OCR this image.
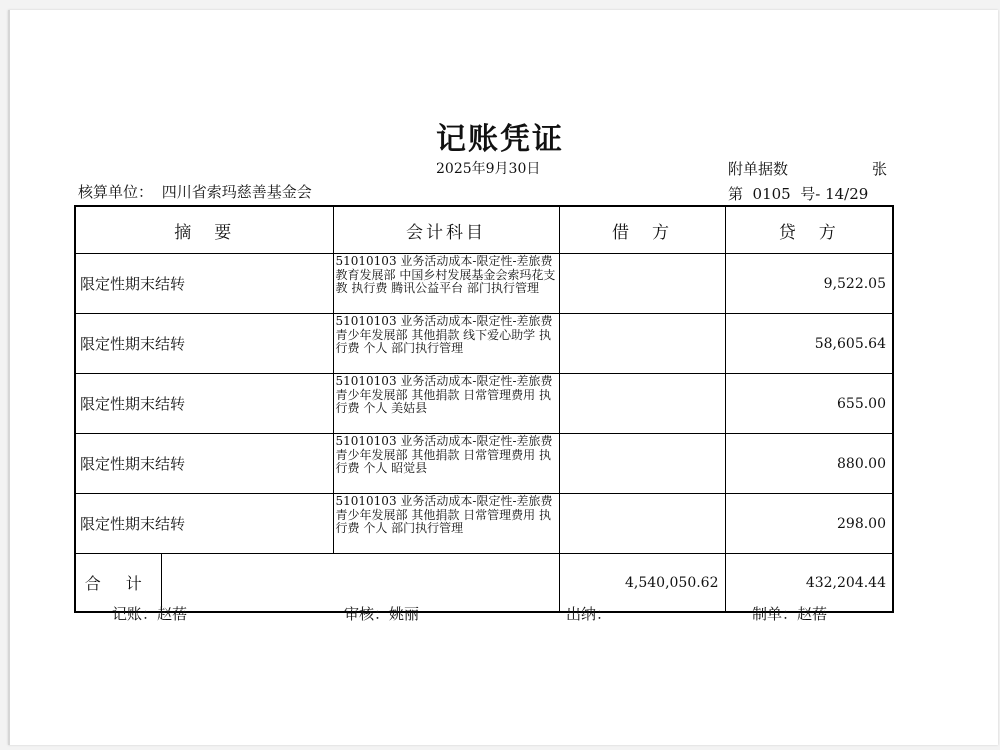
记账凭证
2025年9月30日	附单据数	张
核算单位： 四川省索玛慈善基金会	第  0105  号- 14/29
摘　要		会计科目	借　方	贷　方
限定性期末结转		51010103 业务活动成本-限定性-差旅费 教育发展部 中国乡村发展基金会索玛花支教 执行费 腾讯公益平台 部门执行管理		9,522.05
限定性期末结转		51010103 业务活动成本-限定性-差旅费 青少年发展部 其他捐款 线下爱心助学 执行费 个人 部门执行管理		58,605.64
限定性期末结转		51010103 业务活动成本-限定性-差旅费 青少年发展部 其他捐款 日常管理费用 执行费 个人 美姑县		655.00
限定性期末结转		51010103 业务活动成本-限定性-差旅费 青少年发展部 其他捐款 日常管理费用 执行费 个人 昭觉县		880.00
限定性期末结转		51010103 业务活动成本-限定性-差旅费 青少年发展部 其他捐款 日常管理费用 执行费 个人 部门执行管理		298.00
合 计			4,540,050.62	432,204.44
记账：赵蓓	审核：姚丽	出纳：	制单：赵蓓
